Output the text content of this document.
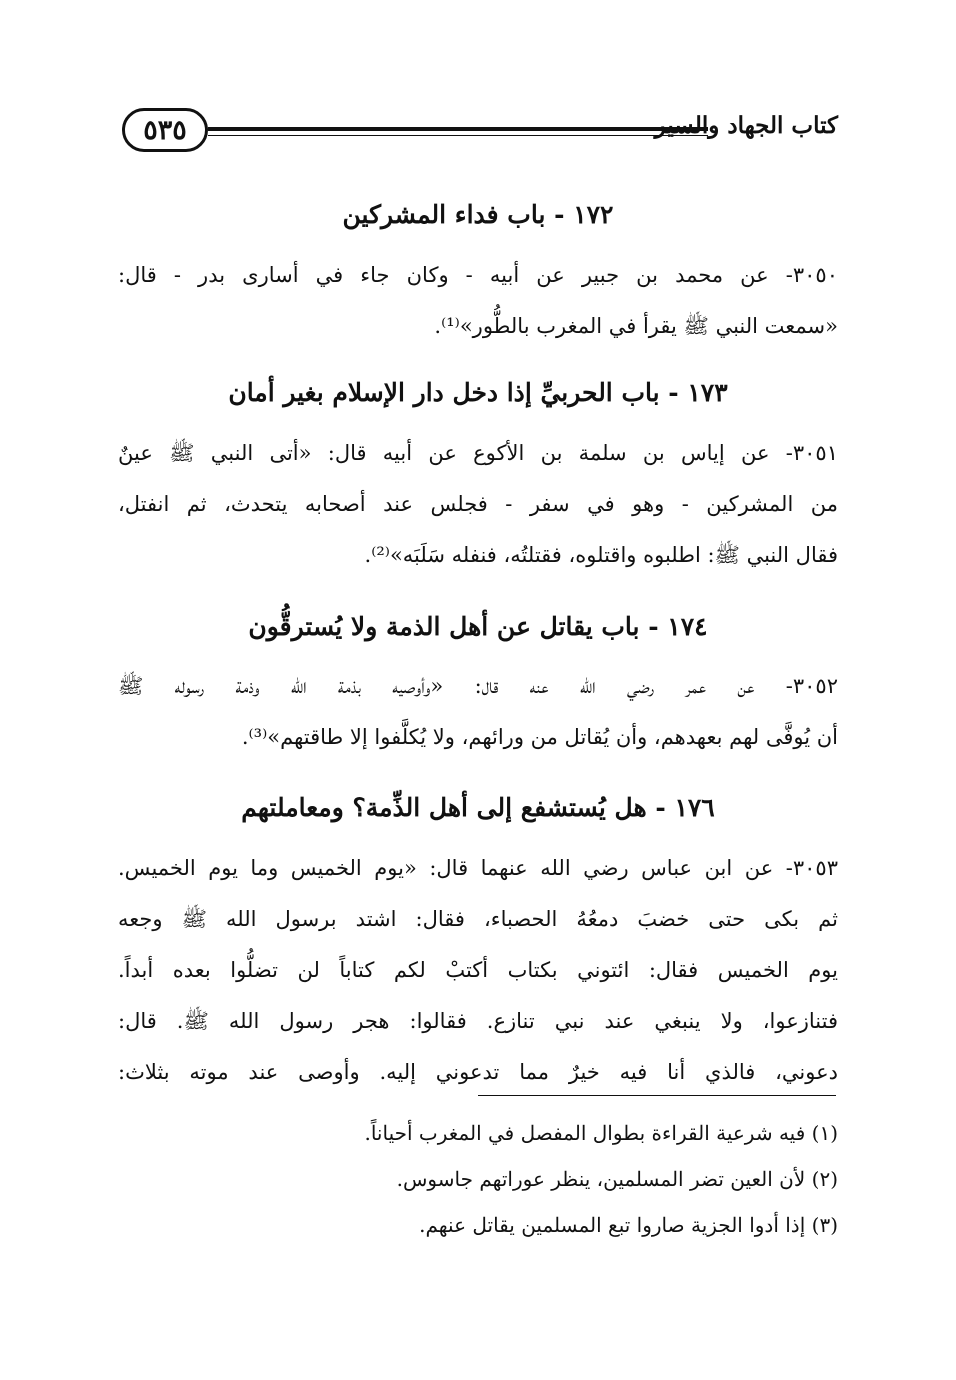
٥٣٥	كتاب الجهاد والسير
١٧٢ - باب فداء المشركين
٣٠٥٠- عن محمد بن جبير عن أبيه - وكان جاء في أسارى بدر - قال:
«سمعت النبي ﷺ يقرأ في المغرب بالطُّور»⁽¹⁾.
١٧٣ - باب الحربيِّ إذا دخل دار الإسلام بغير أمان
٣٠٥١- عن إياس بن سلمة بن الأكوع عن أبيه قال: «أتى النبي ﷺ عينٌ
من المشركين - وهو في سفر - فجلس عند أصحابه يتحدث، ثم انفتل،
فقال النبي ﷺ: اطلبوه واقتلوه، فقتلتُه، فنفله سَلَبَه»⁽²⁾.
١٧٤ - باب يقاتل عن أهل الذمة ولا يُسترقُّون
٣٠٥٢- عن عمر رضي الله عنه قال: «وأوصيه بذمة الله وذمة رسوله ﷺ
أن يُوفَّى لهم بعهدهم، وأن يُقاتل من ورائهم، ولا يُكلَّفوا إلا طاقتهم»⁽³⁾.
١٧٦ - هل يُستشفع إلى أهل الذِّمة؟ ومعاملتهم
٣٠٥٣- عن ابن عباس رضي الله عنهما قال: «يوم الخميس وما يوم الخميس.
ثم بكى حتى خضبَ دمعُهُ الحصباء، فقال: اشتد برسول الله ﷺ وجعه
يوم الخميس فقال: ائتوني بكتاب أكتبْ لكم كتاباً لن تضلُّوا بعده أبداً.
فتنازعوا، ولا ينبغي عند نبي تنازع. فقالوا: هجر رسول الله ﷺ. قال:
دعوني، فالذي أنا فيه خيرٌ مما تدعوني إليه. وأوصى عند موته بثلاث:
(١) فيه شرعية القراءة بطوال المفصل في المغرب أحياناً.
(٢) لأن العين تضر المسلمين، ينظر عوراتهم جاسوس.
(٣) إذا أدوا الجزية صاروا تبع المسلمين يقاتل عنهم.
